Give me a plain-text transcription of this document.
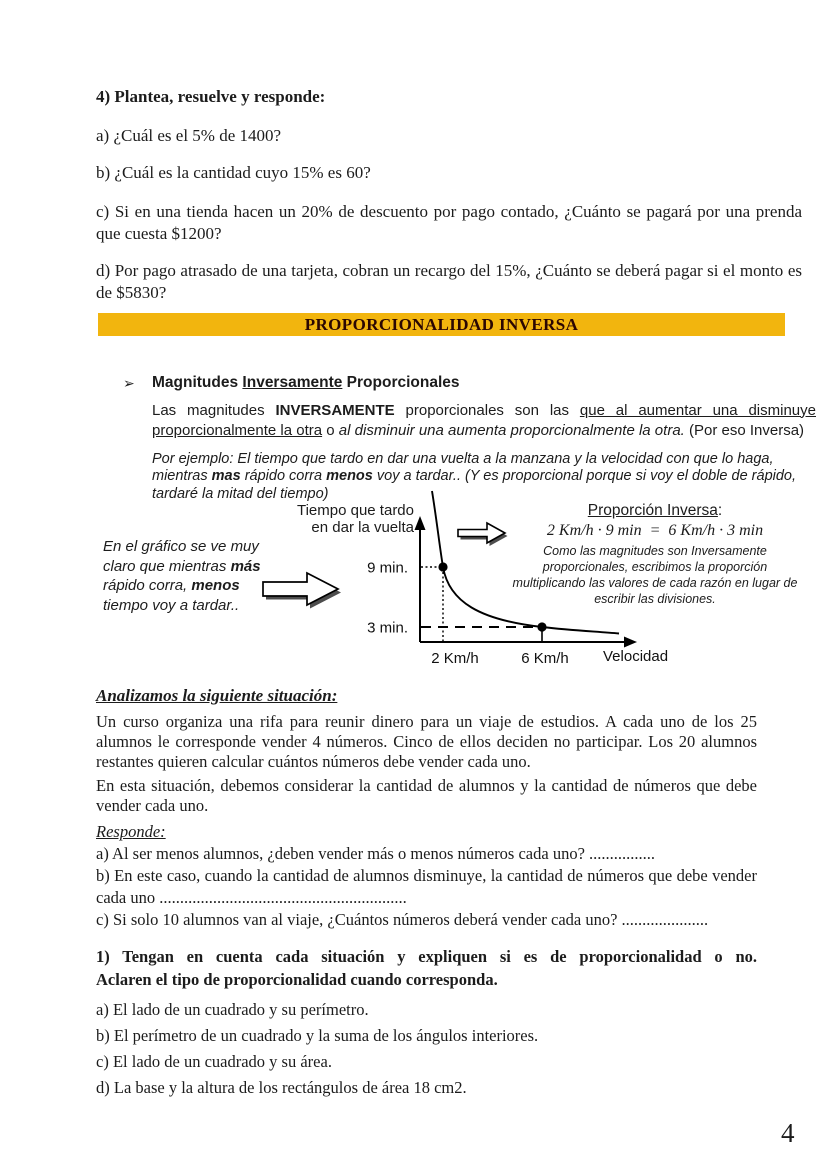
4) Plantea, resuelve y responde:

a) ¿Cuál es el 5% de 1400?

b) ¿Cuál es la cantidad cuyo 15% es 60?

c) Si en una tienda hacen un 20% de descuento por pago contado, ¿Cuánto se pagará por una prenda que cuesta $1200?

d) Por pago atrasado de una tarjeta, cobran un recargo del 15%, ¿Cuánto se deberá pagar si el monto es de $5830?

PROPORCIONALIDAD INVERSA
➢	Magnitudes Inversamente Proporcionales
Las magnitudes INVERSAMENTE proporcionales son las que al aumentar una disminuye proporcionalmente la otra o al disminuir una aumenta proporcionalmente la otra. (Por eso Inversa)
Por ejemplo: El tiempo que tardo en dar una vuelta a la manzana y la velocidad con que lo haga, mientras mas rápido corra menos voy a tardar.. (Y es proporcional porque si voy el doble de rápido, tardaré la mitad del tiempo)
En el gráfico se ve muy claro que mientras más rápido corra, menos tiempo voy a tardar..
Tiempo que tardo
en dar la vuelta
9 min.
3 min.
2 Km/h	6 Km/h Velocidad
Proporción Inversa:
2 Km/h · 9 min  =  6 Km/h · 3 min
Como las magnitudes son Inversamente proporcionales, escribimos la proporción multiplicando las valores de cada razón en lugar de escribir las divisiones.
Analizamos la siguiente situación:

Un curso organiza una rifa para reunir dinero para un viaje de estudios. A cada uno de los 25 alumnos le corresponde vender 4 números. Cinco de ellos deciden no participar. Los 20 alumnos restantes quieren calcular cuántos números debe vender cada uno.

En esta situación, debemos considerar la cantidad de alumnos y la cantidad de números que debe vender cada uno.

Responde:
a) Al ser menos alumnos, ¿deben vender más o menos números cada uno? ................
b) En este caso, cuando la cantidad de alumnos disminuye, la cantidad de números que debe vender
cada uno ............................................................
c) Si solo 10 alumnos van al viaje, ¿Cuántos números deberá vender cada uno? .....................
1) Tengan en cuenta cada situación y expliquen si es de proporcionalidad o no.
Aclaren el tipo de proporcionalidad cuando corresponda.
a) El lado de un cuadrado y su perímetro.
b) El perímetro de un cuadrado y la suma de los ángulos interiores.
c) El lado de un cuadrado y su área.
d) La base y la altura de los rectángulos de área 18 cm2.
4
